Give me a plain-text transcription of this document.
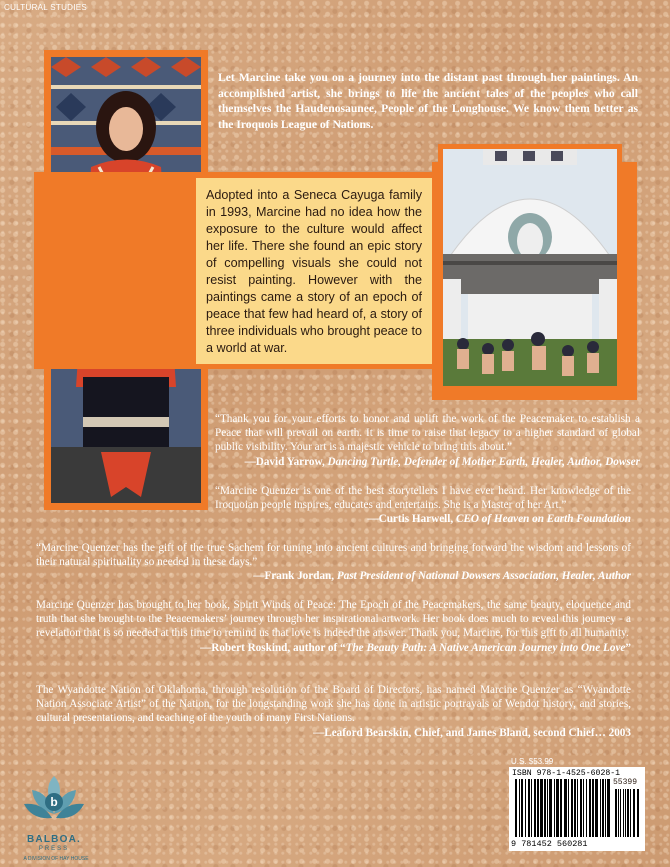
CULTURAL STUDIES
Let Marcine take you on a journey into the distant past through her paintings. An accomplished artist, she brings to life the ancient tales of the peoples who call themselves the Haudenosaunee, People of the Longhouse. We know them better as the Iroquois League of Nations.
Adopted into a Seneca Cayuga family in 1993, Marcine had no idea how the exposure to the culture would affect her life. There she found an epic story of compelling visuals she could not resist painting. However with the paintings came a story of an epoch of peace that few had heard of, a story of three individuals who brought peace to a world at war.

“Thank you for your efforts to honor and uplift the work of the Peacemaker to establish a Peace that will prevail on earth. It is time to raise that legacy to a higher standard of global public visibility. Your art is a majestic vehicle to bring this about.”

—David Yarrow, Dancing Turtle, Defender of Mother Earth, Healer, Author, Dowser

“Marcine Quenzer is one of the best storytellers I have ever heard. Her knowledge of the Iroquoian people inspires, educates and entertains. She is a Master of her Art.”

—Curtis Harwell, CEO of Heaven on Earth Foundation

“Marcine Quenzer has the gift of the true Sachem for tuning into ancient cultures and bringing forward the wisdom and lessons of their natural spirituality so needed in these days.”

—Frank Jordan, Past President of National Dowsers Association, Healer, Author

Marcine Quenzer has brought to her book, Spirit Winds of Peace: The Epoch of the Peacemakers, the same beauty, eloquence and truth that she brought to the Peacemakers’ journey through her inspirational artwork. Her book does much to reveal this journey - a revelation that is so needed at this time to remind us that love is indeed the answer. Thank you, Marcine, for this gift to all humanity.

—Robert Roskind, author of “The Beauty Path: A Native American Journey into One Love”

The Wyandotte Nation of Oklahoma, through resolution of the Board of Directors, has named Marcine Quenzer as “Wyandotte Nation Associate Artist” of the Nation, for the longstanding work she has done in artistic portrayals of Wendot history, and stories, cultural presentations, and teaching of the youth of many First Nations.

—Leaford Bearskin, Chief, and James Bland, second Chief… 2003

b
BALBOA.
PRESS
A DIVISION OF HAY HOUSE
U.S. $53.99
ISBN 978-1-4525-6028-1
9 781452 560281
55399
